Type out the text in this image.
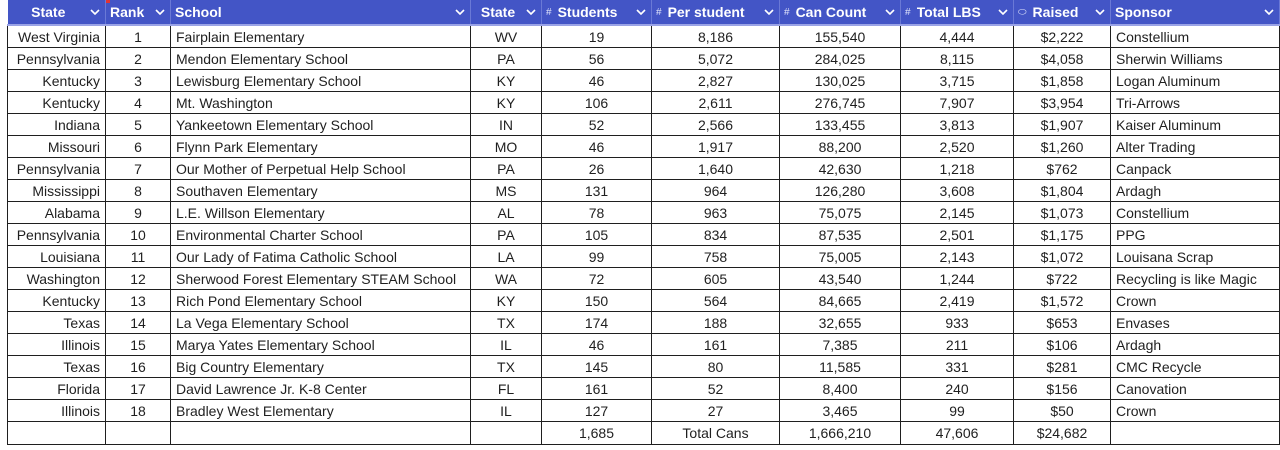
State	Rank	School	State	# Students	# Per student	# Can Count	# Total LBS	⬭ Raised	Sponsor

West Virginia	1	Fairplain Elementary	WV	19	8,186	155,540	4,444	$2,222	Constellium
Pennsylvania	2	Mendon Elementary School	PA	56	5,072	284,025	8,115	$4,058	Sherwin Williams
Kentucky	3	Lewisburg Elementary School	KY	46	2,827	130,025	3,715	$1,858	Logan Aluminum
Kentucky	4	Mt. Washington	KY	106	2,611	276,745	7,907	$3,954	Tri-Arrows
Indiana	5	Yankeetown Elementary School	IN	52	2,566	133,455	3,813	$1,907	Kaiser Aluminum
Missouri	6	Flynn Park Elementary	MO	46	1,917	88,200	2,520	$1,260	Alter Trading
Pennsylvania	7	Our Mother of Perpetual Help School	PA	26	1,640	42,630	1,218	$762	Canpack
Mississippi	8	Southaven Elementary	MS	131	964	126,280	3,608	$1,804	Ardagh
Alabama	9	L.E. Willson Elementary	AL	78	963	75,075	2,145	$1,073	Constellium
Pennsylvania	10	Environmental Charter School	PA	105	834	87,535	2,501	$1,175	PPG
Louisiana	11	Our Lady of Fatima Catholic School	LA	99	758	75,005	2,143	$1,072	Louisana Scrap
Washington	12	Sherwood Forest Elementary STEAM School	WA	72	605	43,540	1,244	$722	Recycling is like Magic
Kentucky	13	Rich Pond Elementary School	KY	150	564	84,665	2,419	$1,572	Crown
Texas	14	La Vega Elementary School	TX	174	188	32,655	933	$653	Envases
Illinois	15	Marya Yates Elementary School	IL	46	161	7,385	211	$106	Ardagh
Texas	16	Big Country Elementary	TX	145	80	11,585	331	$281	CMC Recycle
Florida	17	David Lawrence Jr. K-8 Center	FL	161	52	8,400	240	$156	Canovation
Illinois	18	Bradley West Elementary	IL	127	27	3,465	99	$50	Crown
				1,685	Total Cans	1,666,210	47,606	$24,682	
